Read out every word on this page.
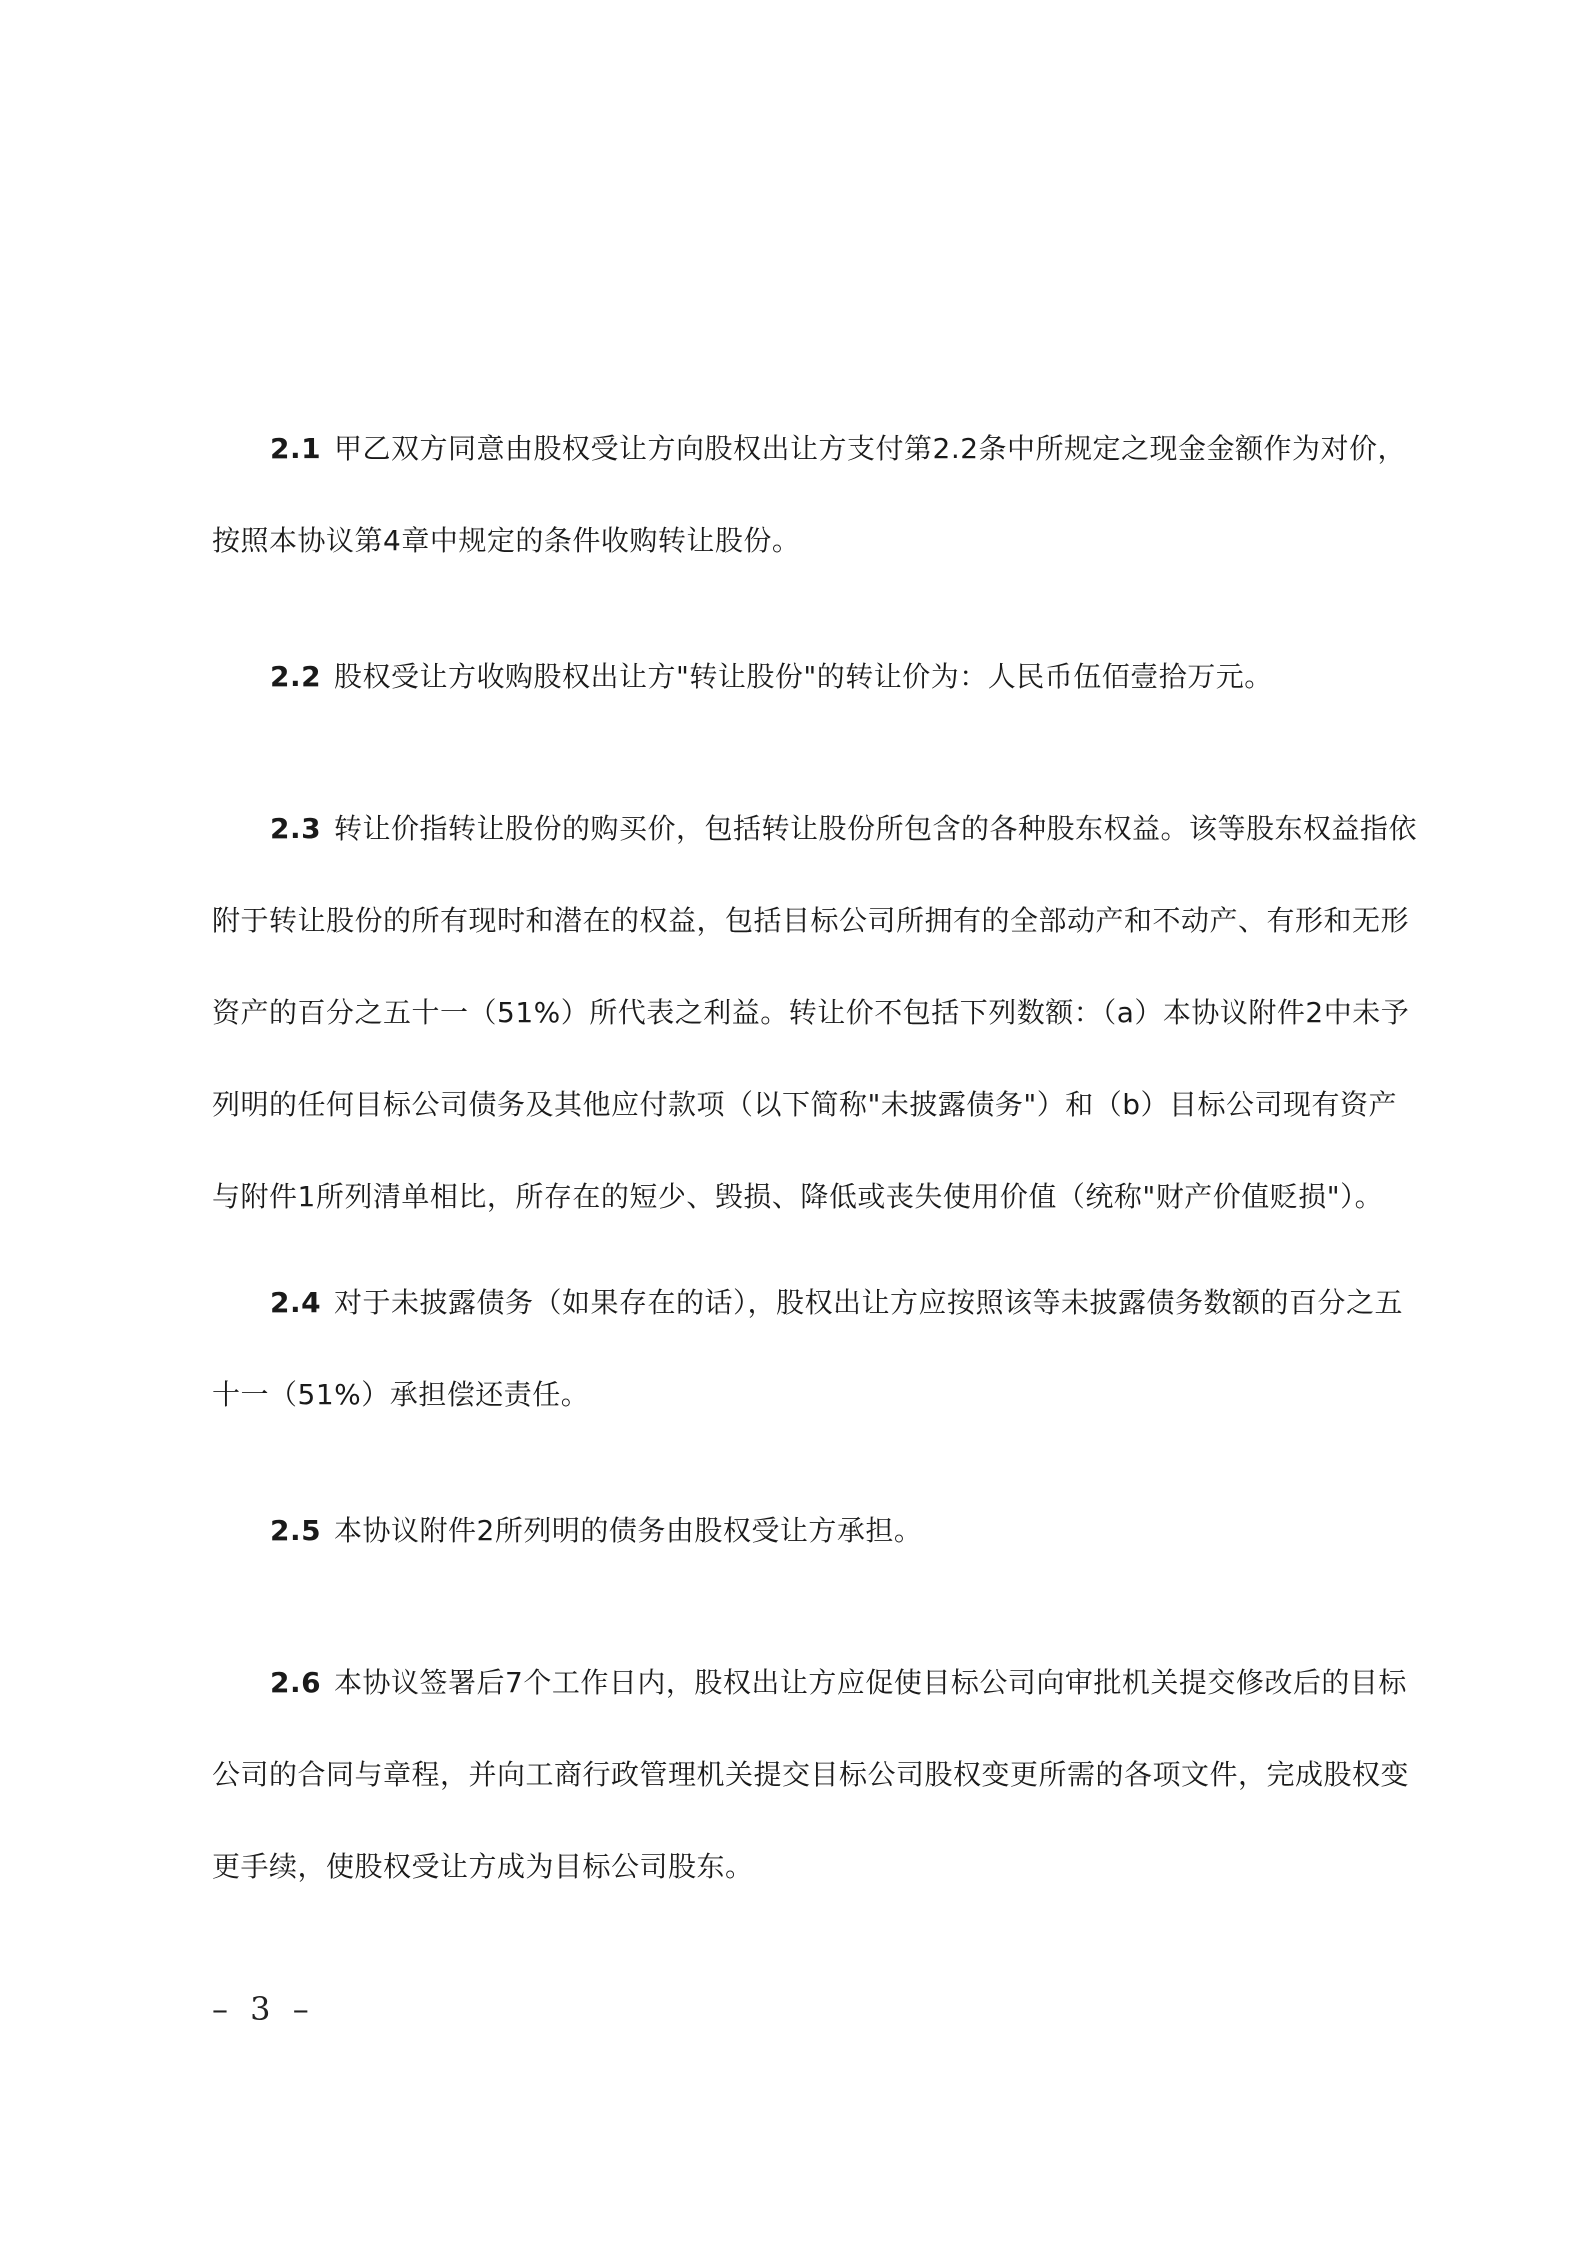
2.1 甲乙双方同意由股权受让方向股权出让方支付第2.2条中所规定之现金金额作为对价，
按照本协议第4章中规定的条件收购转让股份。
2.2 股权受让方收购股权出让方"转让股份"的转让价为：人民币伍佰壹拾万元。
2.3 转让价指转让股份的购买价，包括转让股份所包含的各种股东权益。该等股东权益指依
附于转让股份的所有现时和潜在的权益，包括目标公司所拥有的全部动产和不动产、有形和无形
资产的百分之五十一（51%）所代表之利益。转让价不包括下列数额：（a）本协议附件2中未予
列明的任何目标公司债务及其他应付款项（以下简称"未披露债务"）和（b）目标公司现有资产
与附件1所列清单相比，所存在的短少、毁损、降低或丧失使用价值（统称"财产价值贬损"）。
2.4 对于未披露债务（如果存在的话），股权出让方应按照该等未披露债务数额的百分之五
十一（51%）承担偿还责任。
2.5 本协议附件2所列明的债务由股权受让方承担。
2.6 本协议签署后7个工作日内，股权出让方应促使目标公司向审批机关提交修改后的目标
公司的合同与章程，并向工商行政管理机关提交目标公司股权变更所需的各项文件，完成股权变
更手续，使股权受让方成为目标公司股东。
– 3 –
